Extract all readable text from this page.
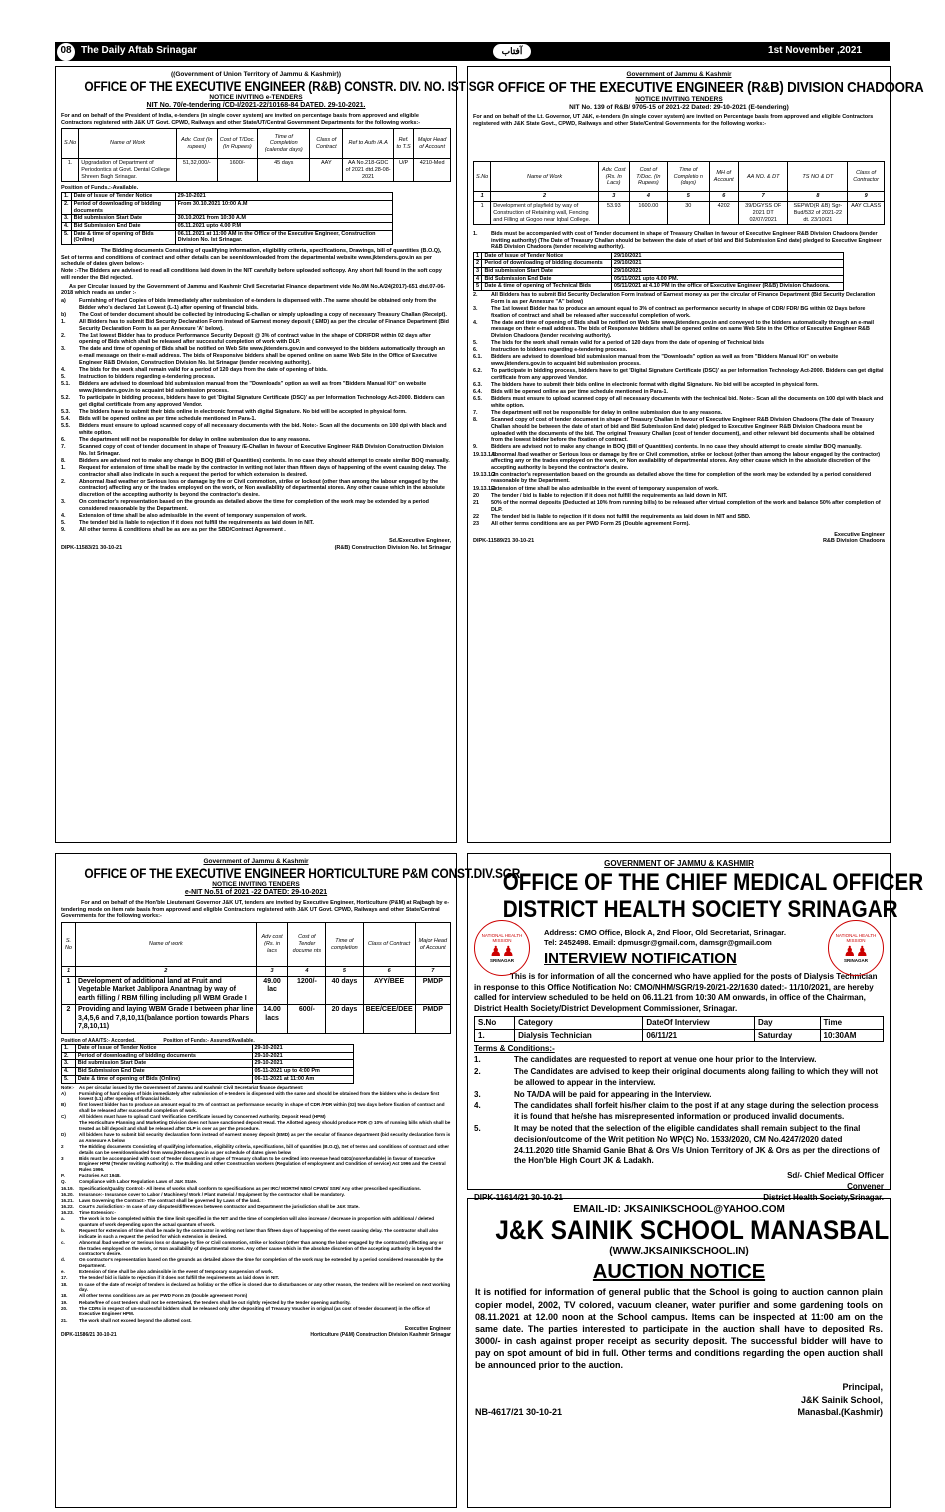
08 The Daily Aftab Srinagar	آفتاب	1st November ,2021
((Government of Union Territory of Jammu & Kashmir))
OFFICE OF THE EXECUTIVE ENGINEER (R&B) CONSTR. DIV. NO. IST SGR
NOTICE INVITING e-TENDERS
NIT No. 70/e-tendering /CD-I/2021-22/10168-84 DATED. 29-10-2021.
For and on behalf of the President of India, e-tenders (in single cover system) are invited on percentage basis from approved and eligible Contractors registered with J&K UT Govt. CPWD, Railways and other State/UT/Central Government Departments for the following works:-
S.No	Name of Work	Adv. Cost (In rupees)	Cost of T/Doc. (In Rupees)	Time of Completion (calendar days)	Class of Contract	Ref to Auth /A.A	Ref. to T.S	Major Head of Account
1.	Upgradation of Department of Periodontics at Govt. Dental College Shreen Bagh Srinagar.	51,32,000/-	1600/-	45 days	AAY	AA No.218-GDC of 2021 dtd.28-08-2021	U/P	4210-Med
Position of Funds.:-Available.
1.	Date of Issue of Tender Notice	29-10-2021
2.	Period of downloading of bidding documents	From 30.10.2021 10:00 A.M
3.	Bid submission Start Date	30.10.2021 from 10:30 A.M
4.	Bid Submission End Date	05.11.2021 upto 4.00 P.M
5.	Date & time of opening of Bids (Online)	06.11.2021 at 11:00 AM in the Office of the Executive Engineer, Construction Division No. Ist Srinagar.
The Bidding documents Consisting of qualifying information, eligibility criteria, specifications, Drawings, bill of quantities (B.O.Q), Set of terms and conditions of contract and other details can be seen/downloaded from the departmental website www.jktenders.gov.in as per schedule of dates given below:-
Note :-The Bidders are advised to read all conditions laid down in the NIT carefully before uploaded softcopy. Any short fall found in the soft copy will render the Bid rejected.
As per Circular issued by the Government of Jammu and Kashmir Civil Secretariat Finance department vide No.0M No.A/24(2017)-651 dtd.07-06-2018 which reads as under :-

a)	Furnishing of Hard Copies of bids immediately after submission of e-tenders is dispensed with .The same should be obtained only from the Bidder who's declared 1st Lowest (L-1) after opening of financial bids.

b)	The Cost of tender document should be collected by introducing E-challan or simply uploading a copy of necessary Treasury Challan (Receipt).

1.	All Bidders has to submit Bid Security Declaration Form instead of Earnest money deposit ( EMD) as per the circular of Finance Department (Bid Security Declaration Form is as per Annexure 'A' below).

2.	The 1st lowest Bidder has to produce Performance Security Deposit @ 3% of contract value in the shape of CDR/FDR within 02 days after opening of Bids which shall be released after successful completion of work with DLP.

3.	The date and time of opening of Bids shall be notified on Web Site www.jktenders.gov.in and conveyed to the bidders automatically through an e-mail message on their e-mail address. The bids of Responsive bidders shall be opened online on same Web Site in the Office of Executive Engineer R&B Division, Construction Division No. Ist Srinagar (tender receiving authority).

4.	The bids for the work shall remain valid for a period of 120 days from the date of opening of bids.

5.	Instruction to bidders regarding e-tendering process.

5.1.	Bidders are advised to download bid submission manual from the "Downloads" option as well as from "Bidders Manual Kit" on website www.jktenders.gov.in to acquaint bid submission process.

5.2.	To participate in bidding process, bidders have to get 'Digital Signature Certificate (DSC)' as per Information Technology Act-2000. Bidders can get digital certificate from any approved Vendor.

5.3.	The bidders have to submit their bids online in electronic format with digital Signature. No bid will be accepted in physical form.

5.4.	Bids will be opened online as per time schedule mentioned in Para-1.

5.5.	Bidders must ensure to upload scanned copy of all necessary documents with the bid. Note:- Scan all the documents on 100 dpi with black and white option.

6.	The department will not be responsible for delay in online submission due to any reasons.

7.	Scanned copy of cost of tender document in shape of Treasury /E-Challan in favour of Executive Engineer R&B Division Construction Division No. Ist Srinagar.

8.	Bidders are advised not to make any change in BOQ (Bill of Quantities) contents. In no case they should attempt to create similar BOQ manually.

1.	Request for extension of time shall be made by the contractor in writing not later than fifteen days of happening of the event causing delay. The contractor shall also indicate in such a request the period for which extension is desired.

2.	Abnormal /bad weather or Serious loss or damage by fire or Civil commotion, strike or lockout (other than among the labour engaged by the contractor) affecting any or the trades employed on the work, or Non availability of departmental stores. Any other cause which in the absolute discretion of the accepting authority is beyond the contractor's desire.

3.	On contractor's representation based on the grounds as detailed above the time for completion of the work may be extended by a period considered reasonable by the Department.

4.	Extension of time shall be also admissible in the event of temporary suspension of work.

5.	The tender/ bid is liable to rejection if it does not fulfill the requirements as laid down in NIT.

9.	All other terms & conditions shall be as are as per the SBD/Contract Agreement .

Sd./Executive Engineer,
DIPK-11583/21 30-10-21	(R&B) Construction Division No. Ist Srinagar
Government of Jammu & Kashmir
OFFICE OF THE EXECUTIVE ENGINEER (R&B) DIVISION CHADOORA
NOTICE INVITING TENDERS
NIT No. 139 of R&B/ 9705-15 of 2021-22 Dated: 29-10-2021 (E-tendering)
For and on behalf of the Lt. Governor, UT J&K, e-tenders (In single cover system) are invited on Percentage basis from approved and eligible Contractors registered with J&K State Govt., CPWD, Railways and other State/Central Governments for the following works:-
S.No	Name of Work	Adv. Cost (Rs. In Lacs)	Cost of T/Doc. (In Rupees)	Time of Completio n (days)	MH of Account	AA NO. & DT	TS NO & DT	Class of Contractor
1	2	3	4	5	6	7	8	9
1	Development of playfield by way of Construction of Retaining wall, Fencing and Filling at Gogoo near Iqbal College.	53.93	1600.00	30	4202	39/DGYSS OF 2021 DT 02/07/2021	SEPWD(R &B) Sgr-Bud/532 of 2021-22 dt. 23/10/21	AAY CLASS

1.	Bids must be accompanied with cost of Tender document in shape of Treasury Challan in favour of Executive Engineer R&B Division Chadoora (tender inviting authority) (The Date of Treasury Challan should be between the date of start of bid and Bid Submission End date) pledged to Executive Engineer R&B Division Chadoora (tender receiving authority).

1	Date of Issue of Tender Notice	29/10/2021
2	Period of downloading of bidding documents	29/10/2021
3	Bid submission Start Date	29/10/2021
4	Bid Submission End Date	05/11/2021 upto 4.00 PM.
5	Date & time of opening of Technical Bids	05/11/2021 at 4.10 PM in the office of Executive Engineer (R&B) Division Chadoora.

2.	All Bidders has to submit Bid Security Declaration Form instead of Earnest money as per the circular of Finance Department (Bid Security Declaration Form is as per Annexure "A" below)

3.	The 1st lowest Bidder has to produce an amount equal to 3% of contract as performance security in shape of CDR/ FDR/ BG within 02 Days before fixation of contract and shall be released after successful completion of work.

4.	The date and time of opening of Bids shall be notified on Web Site www.jktenders.gov.in and conveyed to the bidders automatically through an e-mail message on their e-mail address. The bids of Responsive bidders shall be opened online on same Web Site in the Office of Executive Engineer R&B Division Chadoora (tender receiving authority).

5.	The bids for the work shall remain valid for a period of 120 days from the date of opening of Technical bids

6.	Instruction to bidders regarding e-tendering process.

6.1.	Bidders are advised to download bid submission manual from the "Downloads" option as well as from "Bidders Manual Kit" on website www.jktenders.gov.in to acquaint bid submission process.

6.2.	To participate in bidding process, bidders have to get 'Digital Signature Certificate (DSC)' as per Information Technology Act-2000. Bidders can get digital certificate from any approved Vendor.

6.3.	The bidders have to submit their bids online in electronic format with digital Signature. No bid will be accepted in physical form.

6.4.	Bids will be opened online as per time schedule mentioned in Para-1.

6.5.	Bidders must ensure to upload scanned copy of all necessary documents with the technical bid. Note:- Scan all the documents on 100 dpi with black and white option.

7.	The department will not be responsible for delay in online submission due to any reasons.

8.	Scanned copy of cost of tender document in shape of Treasury Challan in favour of Executive Engineer R&B Division Chadoora (The date of Treasury Challan should be between the date of start of bid and Bid Submission End date) pledged to Executive Engineer R&B Division Chadoora must be uploaded with the documents of the bid. The original Treasury Challan (cost of tender document), and other relevant bid documents shall be obtained from the lowest bidder before the fixation of contract.

9.	Bidders are advised not to make any change in BOQ (Bill of Quantities) contents. In no case they should attempt to create similar BOQ manually.

19.13.1.1
Abnormal /bad weather or Serious loss or damage by fire or Civil commotion, strike or lockout (other than among the labour engaged by the contractor) affecting any or the trades employed on the work, or Non availability of departmental stores. Any other cause which in the absolute discretion of the accepting authority is beyond the contractor's desire.

19.13.1.2
On contractor's representation based on the grounds as detailed above the time for completion of the work may be extended by a period considered reasonable by the Department.

19.13.1.3
Extension of time shall be also admissible in the event of temporary suspension of work.

20	The tender / bid is liable to rejection if it does not fulfill the requirements as laid down in NIT.

21	50% of the normal deposits (Deducted at 10% from running bills) to be released after virtual completion of the work and balance 50% after completion of DLP.

22	The tender/ bid is liable to rejection if it does not fulfill the requirements as laid down in NIT and SBD.

23	All other terms conditions are as per PWD Form 25 (Double agreement Form).

Executive Engineer
DIPK-11589/21 30-10-21	R&B Division Chadoora
Government of Jammu & Kashmir
OFFICE OF THE EXECUTIVE ENGINEER HORTICULTURE P&M CONST.DIV.SGR.
NOTICE INVITING TENDERS
e-NIT No.51 of 2021 -22 DATED: 29-10-2021
For and on behalf of the Hon'ble Lieutenant Governor J&K UT, tenders are invited by Executive Engineer, Horticulture (P&M) at Rajbagh by e-tendering mode on item rate basis from approved and eligible Contractors registered with J&K UT Govt. CPWD, Railways and other State/Central Governments for the following works:-
S. No	Name of work	Adv cost (Rs. in lacs	Cost of Tender docume nts	Time of completion	Class of Contract	Major Head of Account
1	2	3	4	5	6	7
1	Development of additional land at Fruit and Vegetable Market Jablipora Anantnag by way of earth filling / RBM filling including p/l WBM Grade I	49.00 lac	1200/-	40 days	AYY/BEE	PMDP
2	Providing and laying WBM Grade I between phar line 3,4,5,6 and 7,8,10,11(balance portion towards Phars 7,8,10,11)	14.00 lacs	600/-	20 days	BEE/CEE/DEE	PMDP
Position of AAA/TS:- Accorded.                    Position of Funds:- Assured/Available.
1.	Date of Issue of Tender Notice	29-10-2021
2.	Period of downloading of bidding documents	29-10-2021
3.	Bid submission Start Date	29-10-2021
4.	Bid Submission End Date	05-11-2021 up to 4:00 Pm
5.	Date & time of opening of Bids (Online)	06-11-2021 at 11:00 Am

Note:-	As per circular issued by the Government of Jammu and Kashmir Civil Secretariat finance department:

A)	Furnishing of hard copies of bids immediately after submission of e-tenders is dispensed with the same and should be obtained from the bidders who is declare first lowest (L1) after opening of financial bids.

B)	first lowest bidder has to produce an amount equal to 3% of contract as performance security in shape of CDR /FDR within (02) two days before fixation of contract and shall be released after successful completion of work.

C)	All bidders must have to upload Card Verification Certificate issued by Concerned Authority. Deposit Head (HPM)

The Horticulture Planning and Marketing Division does not have sanctioned deposit Head. The Allotted agency should produce FDR @ 10% of running bills which shall be treated as bill deposit and shall be released after DLP is over as per the procedure.

D)	All bidders have to submit bid security declaration form instead of earnest money deposit (EMD) as per the secular of finance department (bid security declaration form is as Annexure A below

2	The Bidding documents Consisting of qualifying information, eligibility criteria, specifications, bill of quantities (B.O.Q), Set of terms and conditions of contract and other details can be seen/downloaded from www.jktenders.gov.in as per schedule of dates given below

3	Bids must be accompanied with cost of Tender document in shape of Treasury challan to be credited into revenue head 0401(nonrefundable) in favour of Executive Engineer HPM (Tender Inviting Authority) o. The Building and other Construction workers (Regulation of employment and Condition of service) Act 1996 and the Central Rules 1996.

P.	Factories Act 1948.

Q.	Compliance with Labor Regulation Laws of J&K State.

16.19.	Specification/Quality Control:- All items of works shall conform to specifications as per IRC/ MORTH/ NBO/ CPWD/ SSR/ Any other prescribed specifications.

16.20.	Insurance:- Insurance cover to Labor / Machinery/ Work / Plant material / Equipment by the contractor shall be mandatory.

16.21.	Laws Governing the Contract:- The contract shall be governed by Laws of the land.

16.22.	Court's Jurisdiction:- In case of any disputes/differences between contractor and Department the jurisdiction shall be J&K State.

16.23.	Time Extension:-

a.	The work is to be completed within the time limit specified in the NIT and the time of completion will also increase / decrease in proportion with additional / deleted quantum of work depending upon the actual quantum of work.

b.	Request for extension of time shall be made by the contractor in writing not later than fifteen days of happening of the event causing delay. The contractor shall also indicate in such a request the period for which extension is desired.

c.	Abnormal /bad weather or Serious loss or damage by fire or Civil commotion, strike or lockout (other than among the labor engaged by the contractor) affecting any or the trades employed on the work, or Non availability of departmental stores. Any other cause which in the absolute discretion of the accepting authority is beyond the contractor's desire.

d.	On contractor's representation based on the grounds as detailed above the time for completion of the work may be extended by a period considered reasonable by the Department.

e.	Extension of time shall be also admissible in the event of temporary suspension of work.

17.	The tender/ bid is liable to rejection if it does not fulfill the requirements as laid down in NIT.

18.	In case of the date of receipt of tenders is declared as holiday or the office is closed due to disturbances or any other reason, the tenders will be received on next working day.

18.	All other terms conditions are as per PWD Form 25 (Double agreement Form)

19.	Rebate/free of cost tenders shall not be entertained, the tenders shall be out rightly rejected by the tender opening authority.

20.	The CDRs in respect of un-successful bidders shall be released only after depositing of Treasury Voucher in original (as cost of tender document) in the office of Executive Engineer HPM.

21.	The work shall not exceed beyond the allotted cost.

Executive Engineer
DIPK-11586/21 30-10-21	Horticulture (P&M) Construction Division Kashmir Srinagar
GOVERNMENT OF JAMMU & KASHMIR
OFFICE OF THE CHIEF MEDICAL OFFICER
DISTRICT HEALTH SOCIETY SRINAGAR
NATIONAL HEALTH MISSION
♟♟
SRINAGAR
NATIONAL HEALTH MISSION
♟♟
SRINAGAR

Address: CMO Office, Block A, 2nd Floor, Old Secretariat, Srinagar.

Tel: 2452498. Email: dpmusgr@gmail.com, damsgr@gmail.com

INTERVIEW NOTIFICATION

This is for information of all the concerned who have applied for the posts of Dialysis Technician in response to this Office Notification No: CMO/NHM/SGR/19-20/21-22/1630 dated:- 11/10/2021, are hereby called for interview scheduled to be held on 06.11.21 from 10:30 AM onwards, in office of the Chairman, District Health Society/District Development Commissioner, Srinagar.

S.No	Category	DateOf Interview	Day	Time
1.	Dialysis Technician	06/11/21	Saturday	10:30AM

Terms & Conditions:-

1.	The candidates are requested to report at venue one hour prior to the Interview.

2.	The Candidates are advised to keep their original documents along failing to which they will not be allowed to appear in the interview.

3.	No TA/DA will be paid for appearing in the Interview.

4.	The candidates shall forfeit his/her claim to the post if at any stage during the selection process it is found that he/she has misrepresented information or produced invalid documents.

5.	It may be noted that the selection of the eligible candidates shall remain subject to the final decision/outcome of the Writ petition No WP(C) No. 1533/2020, CM No.4247/2020 dated 24.11.2020 title Shamid Ganie Bhat & Ors V/s Union Territory of JK & Ors as per the directions of the Hon'ble High Court JK & Ladakh.

Sd/- Chief Medical Officer

Convener

DIPK-11614/21 30-10-21	District Health Society,Srinagar.

EMAIL-ID: JKSAINIKSCHOOL@YAHOO.COM
J&K SAINIK SCHOOL MANASBAL
(WWW.JKSAINIKSCHOOL.IN)
AUCTION NOTICE

It is notified for information of general public that the School is going to auction cannon plain copier model, 2002, TV colored, vacuum cleaner, water purifier and some gardening tools on 08.11.2021 at 12.00 noon at the School campus. Items can be inspected at 11:00 am on the same date. The parties interested to participate in the auction shall have to deposited Rs. 3000/- in cash against proper receipt as security deposit. The successful bidder will have to pay on spot amount of bid in full. Other terms and conditions regarding the open auction shall be announced prior to the auction.

Principal,

J&K Sainik School,

NB-4617/21 30-10-21	Manasbal.(Kashmir)
